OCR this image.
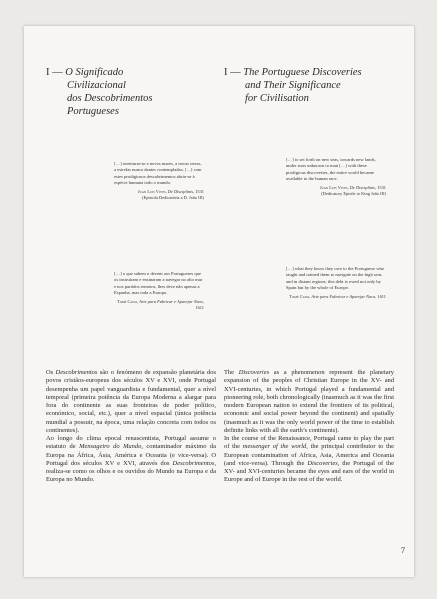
I — O Significado
Civilizacional
dos Descobrimentos
Portugueses
[…] aventurar-se a novos mares, a novas terras, a estrelas nunca dantes contempladas; […] com estes prodigiosos descobrimentos abriu-se à espécie humana todo o mundo.
Juan Luis Vives, De Disciplinis, 1531
(Epístola Dedicatória a D. João III)
[…] o que sabem o devem aos Portugueses que os instruíram e ensinaram a navegar no alto mar e nos partidos remotos, lhes deve não apenas a Espanha, mas toda a Europa.
Tomé Cano, Arte para Fabricar e Aparejar Naos, 1611

Os Descobrimentos são o fenómeno de expansão planetária dos povos cristãos-europeus dos séculos XV e XVI, onde Portugal desempenha um papel vanguardista e fundamental, quer a nível temporal (primeira potência da Europa Moderna a alargar para fora do continente as suas fronteiras de poder político, económico, social, etc.), quer a nível espacial (única potência mundial a possuir, na época, uma relação concreta com todos os continentes).

Ao longo do clima epocal renascentista, Portugal assume o estatuto de Mensageiro do Mundo, contaminador máximo da Europa na África, Ásia, América e Oceania (e vice-versa). O Portugal dos séculos XV e XVI, através dos Descobrimentos, realiza-se como os olhos e os ouvidos do Mundo na Europa e da Europa no Mundo.

I — The Portuguese Discoveries
and Their Significance
for Civilisation
[…] to set forth on new seas, towards new lands, under stars unknown to man […] with these prodigious discoveries, the entire world became available to the human race.
Juan Luis Vives, De Disciplinis, 1531
(Dedicatory Epistle to King João III)
[…] what they know they owe to the Portuguese who taught and trained them to navigate on the high seas and in distant regions; this debt is owed not only by Spain but by the whole of Europe.
Tomé Cano, Arte para Fabricar e Aparejar Naos, 1611

The Discoveries as a phenomenon represent the planetary expansion of the peoples of Christian Europe in the XV- and XVI-centuries, in which Portugal played a fundamental and pioneering role, both chronologically (inasmuch as it was the first modern European nation to extend the frontiers of its political, economic and social power beyond the continent) and spatially (inasmuch as it was the only world power of the time to establish definite links with all the earth’s continents).

In the course of the Renaissance, Portugal came to play the part of the messenger of the world, the principal contributor to the European contamination of Africa, Asia, America and Oceania (and vice-versa). Through the Discoveries, the Portugal of the XV- and XVI-centuries became the eyes and ears of the world in Europe and of Europe in the rest of the world.

7
